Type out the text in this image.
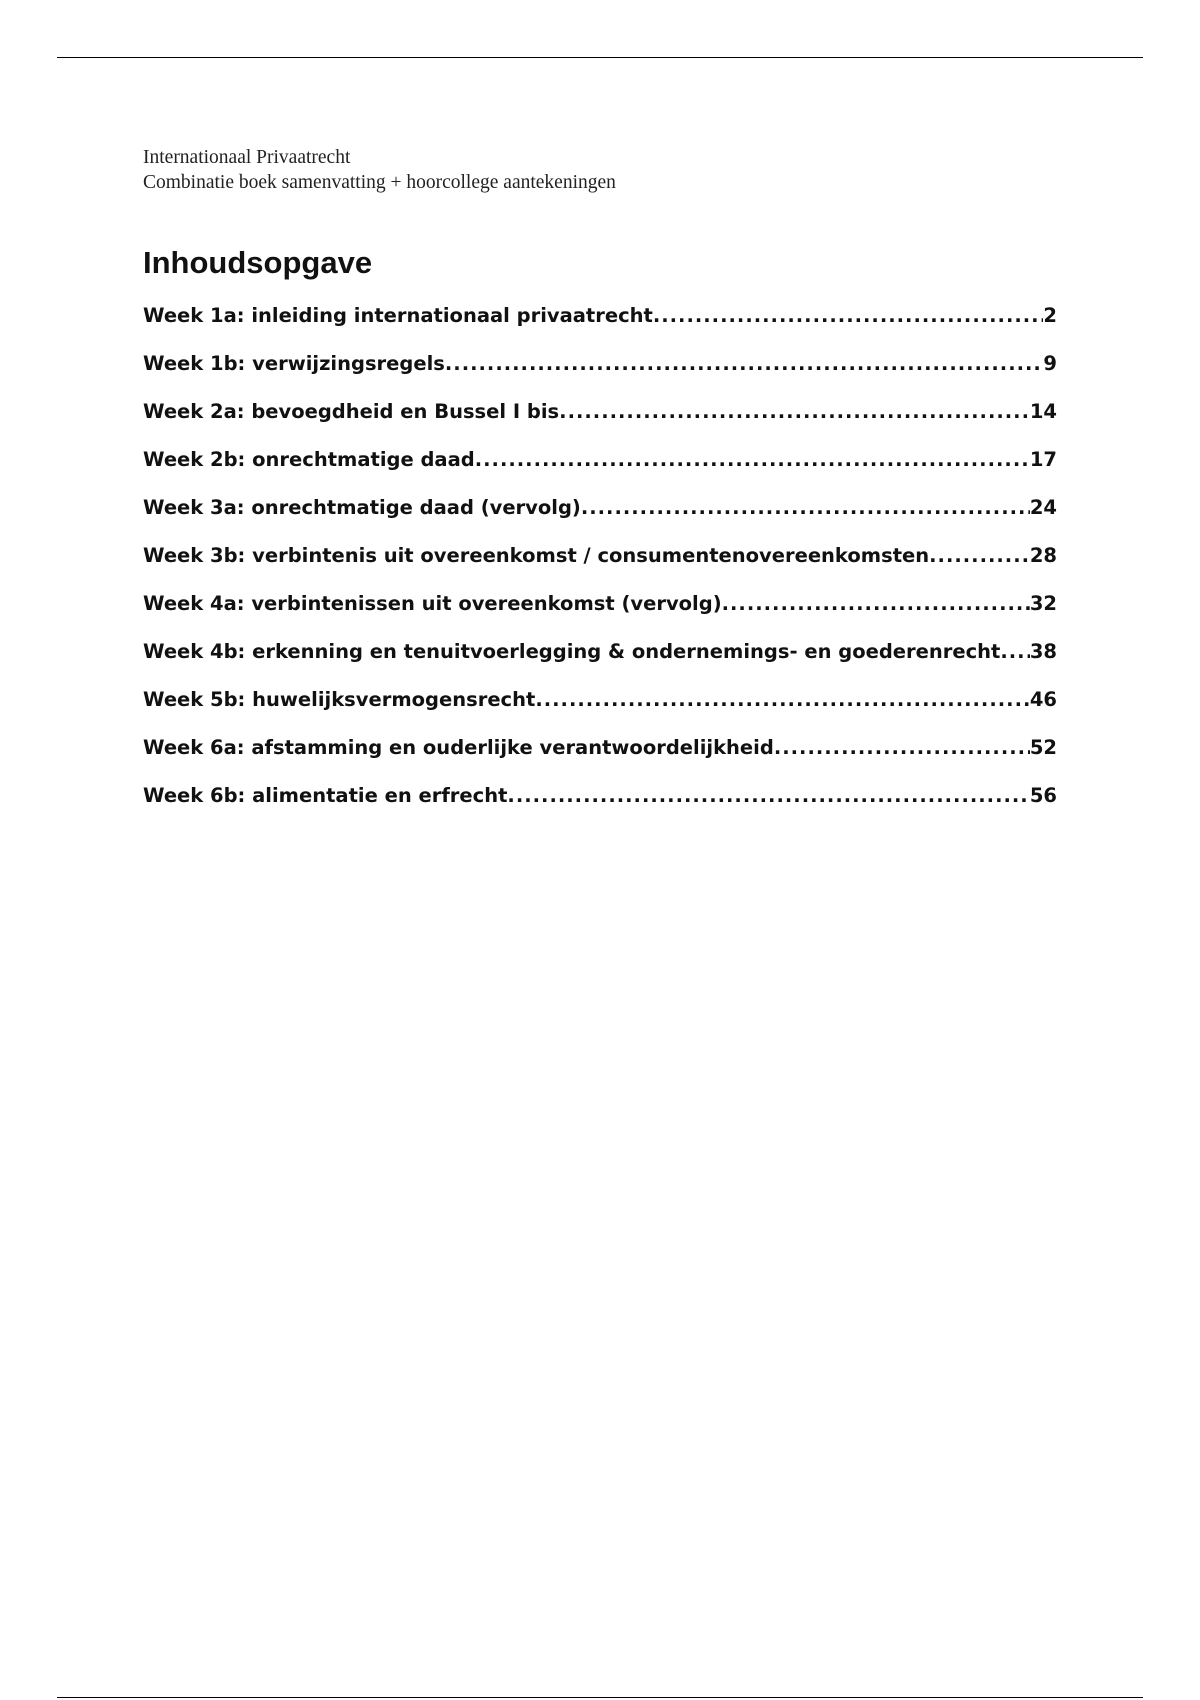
Internationaal Privaatrecht
Combinatie boek samenvatting + hoorcollege aantekeningen
Inhoudsopgave
Week 1a: inleiding internationaal privaatrecht .....	2
Week 1b: verwijzingsregels .....	9
Week 2a: bevoegdheid en Bussel I bis .....	14
Week 2b: onrechtmatige daad .....	17
Week 3a: onrechtmatige daad (vervolg) .....	24
Week 3b: verbintenis uit overeenkomst / consumentenovereenkomsten .....	28
Week 4a: verbintenissen uit overeenkomst (vervolg) .....	32
Week 4b: erkenning en tenuitvoerlegging & ondernemings- en goederenrecht ..... 38
Week 5b: huwelijksvermogensrecht .....	46
Week 6a: afstamming en ouderlijke verantwoordelijkheid .....	52
Week 6b: alimentatie en erfrecht .....	56
